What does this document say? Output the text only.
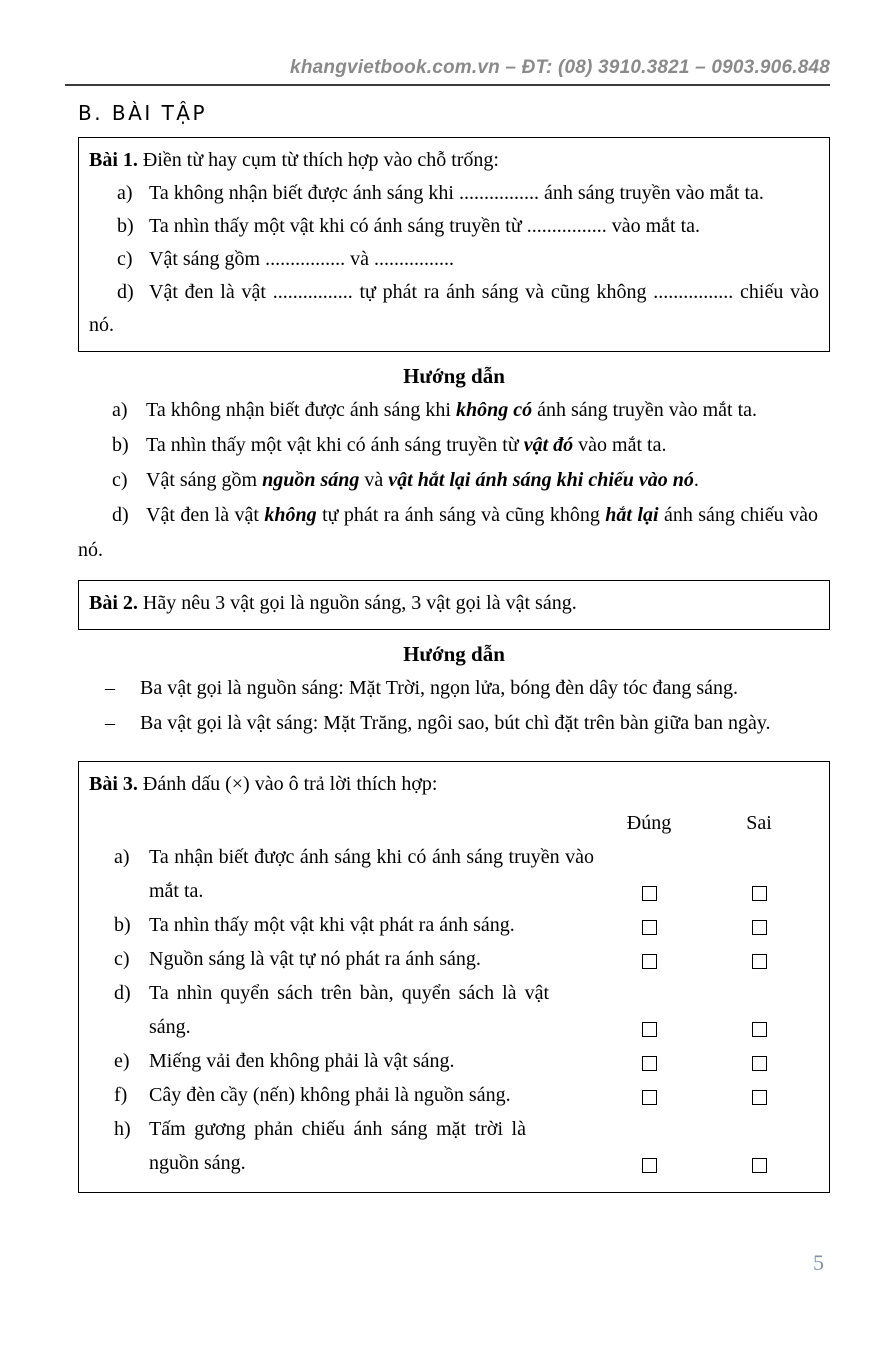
khangvietbook.com.vn – ĐT: (08) 3910.3821 – 0903.906.848
B. BÀI TẬP

Bài 1. Điền từ hay cụm từ thích hợp vào chỗ trống:

a) Ta không nhận biết được ánh sáng khi ................ ánh sáng truyền vào mắt ta.

b) Ta nhìn thấy một vật khi có ánh sáng truyền từ ................ vào mắt ta.

c) Vật sáng gồm ................ và ................

d) Vật đen là vật ................ tự phát ra ánh sáng và cũng không ................ chiếu vào nó.

Hướng dẫn

a) Ta không nhận biết được ánh sáng khi không có ánh sáng truyền vào mắt ta.

b) Ta nhìn thấy một vật khi có ánh sáng truyền từ vật đó vào mắt ta.

c) Vật sáng gồm nguồn sáng và vật hắt lại ánh sáng khi chiếu vào nó.

d) Vật đen là vật không tự phát ra ánh sáng và cũng không hắt lại ánh sáng chiếu vào nó.

Bài 2. Hãy nêu 3 vật gọi là nguồn sáng, 3 vật gọi là vật sáng.

Hướng dẫn

– Ba vật gọi là nguồn sáng: Mặt Trời, ngọn lửa, bóng đèn dây tóc đang sáng.

– Ba vật gọi là vật sáng: Mặt Trăng, ngôi sao, bút chì đặt trên bàn giữa ban ngày.

Bài 3. Đánh dấu (×) vào ô trả lời thích hợp:

Đúng	Sai

a) Ta nhận biết được ánh sáng khi có ánh sáng truyền vào mắt ta.

b) Ta nhìn thấy một vật khi vật phát ra ánh sáng.

c) Nguồn sáng là vật tự nó phát ra ánh sáng.

d) Ta nhìn quyển sách trên bàn, quyển sách là vật sáng.

e) Miếng vải đen không phải là vật sáng.

f) Cây đèn cầy (nến) không phải là nguồn sáng.

h) Tấm gương phản chiếu ánh sáng mặt trời là nguồn sáng.

5
